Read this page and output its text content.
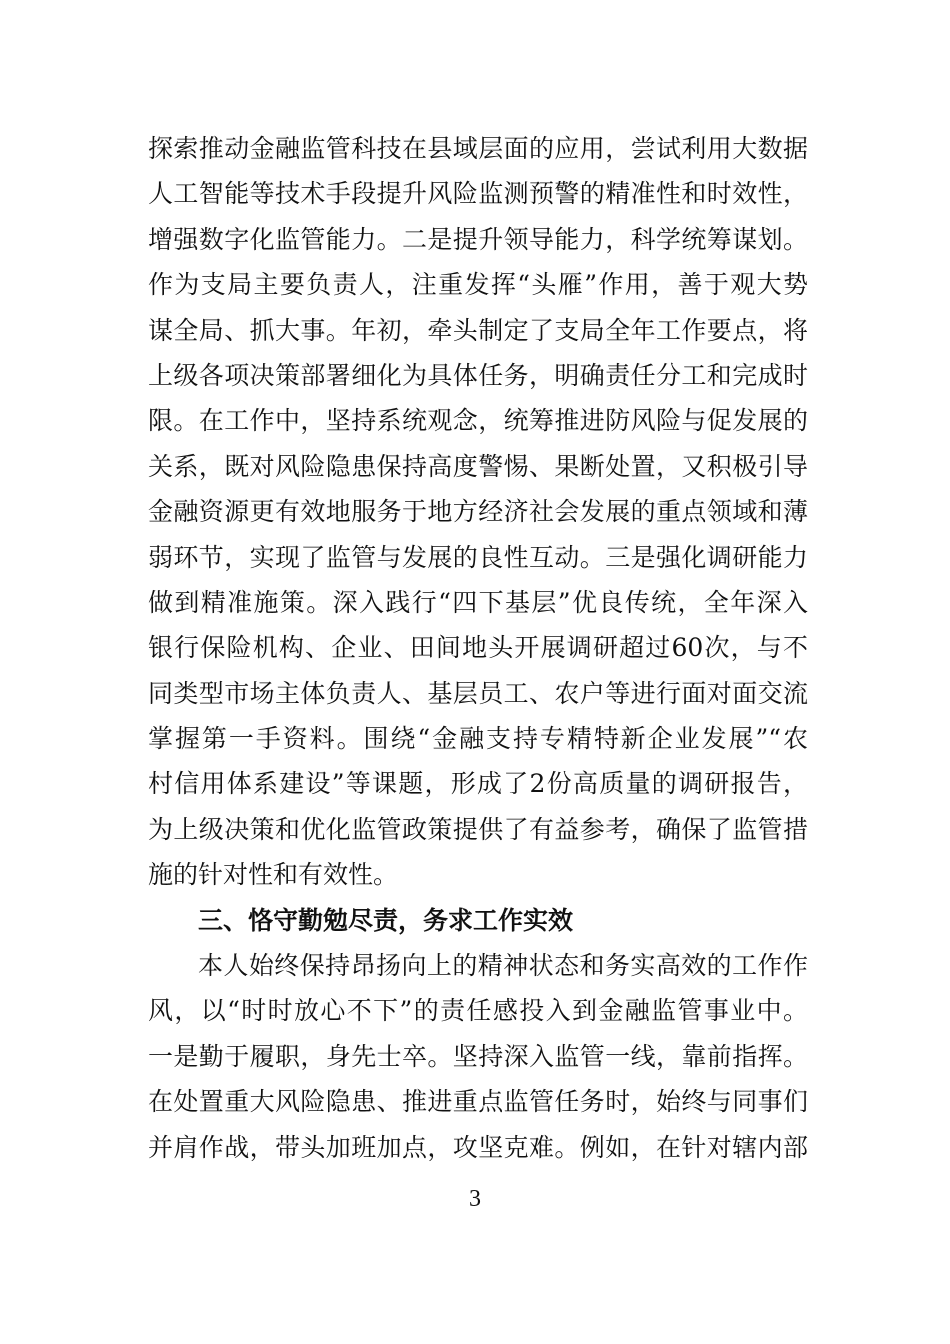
探索推动金融监管科技在县域层面的应用，尝试利用大数据
人工智能等技术手段提升风险监测预警的精准性和时效性，
增强数字化监管能力。二是提升领导能力，科学统筹谋划。
作为支局主要负责人，注重发挥“头雁”作用，善于观大势
谋全局、抓大事。年初，牵头制定了支局全年工作要点，将
上级各项决策部署细化为具体任务，明确责任分工和完成时
限。在工作中，坚持系统观念，统筹推进防风险与促发展的
关系，既对风险隐患保持高度警惕、果断处置，又积极引导
金融资源更有效地服务于地方经济社会发展的重点领域和薄
弱环节，实现了监管与发展的良性互动。三是强化调研能力
做到精准施策。深入践行“四下基层”优良传统，全年深入
银行保险机构、企业、田间地头开展调研超过60次，与不
同类型市场主体负责人、基层员工、农户等进行面对面交流
掌握第一手资料。围绕“金融支持专精特新企业发展”“农
村信用体系建设”等课题，形成了2份高质量的调研报告，
为上级决策和优化监管政策提供了有益参考，确保了监管措
施的针对性和有效性。
三、恪守勤勉尽责，务求工作实效
本人始终保持昂扬向上的精神状态和务实高效的工作作
风，以“时时放心不下”的责任感投入到金融监管事业中。
一是勤于履职，身先士卒。坚持深入监管一线，靠前指挥。
在处置重大风险隐患、推进重点监管任务时，始终与同事们
并肩作战，带头加班加点，攻坚克难。例如，在针对辖内部
3
